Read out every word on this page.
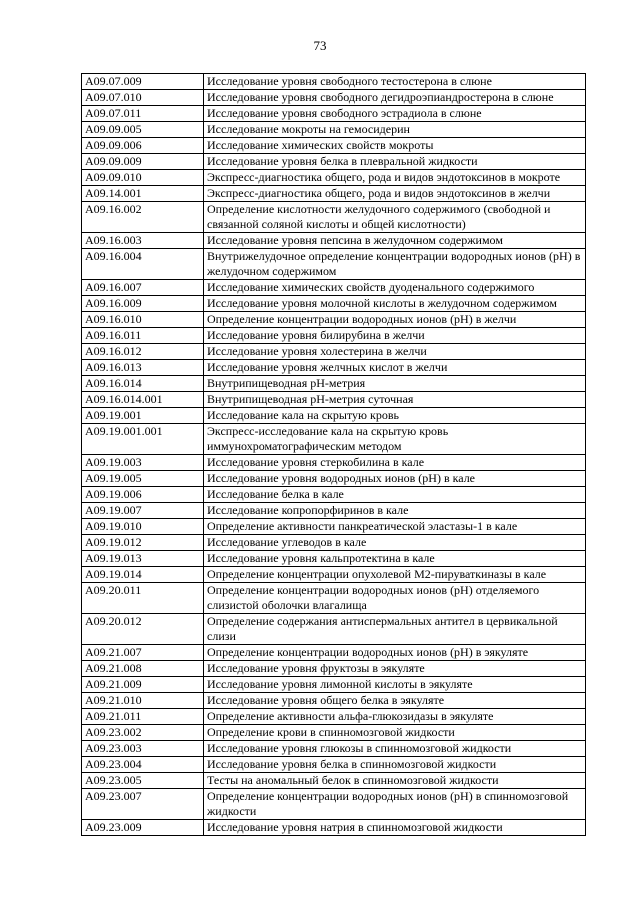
73
A09.07.009	Исследование уровня свободного тестостерона в слюне
A09.07.010	Исследование уровня свободного дегидроэпиандростерона в слюне
A09.07.011	Исследование уровня свободного эстрадиола в слюне
A09.09.005	Исследование мокроты на гемосидерин
A09.09.006	Исследование химических свойств мокроты
A09.09.009	Исследование уровня белка в плевральной жидкости
A09.09.010	Экспресс-диагностика общего, рода и видов эндотоксинов в мокроте
A09.14.001	Экспресс-диагностика общего, рода и видов эндотоксинов в желчи
A09.16.002	Определение кислотности желудочного содержимого (свободной и связанной соляной кислоты и общей кислотности)
A09.16.003	Исследование уровня пепсина в желудочном содержимом
A09.16.004	Внутрижелудочное определение концентрации водородных ионов (pH) в желудочном содержимом
A09.16.007	Исследование химических свойств дуоденального содержимого
A09.16.009	Исследование уровня молочной кислоты в желудочном содержимом
A09.16.010	Определение концентрации водородных ионов (pH) в желчи
A09.16.011	Исследование уровня билирубина в желчи
A09.16.012	Исследование уровня холестерина в желчи
A09.16.013	Исследование уровня желчных кислот в желчи
A09.16.014	Внутрипищеводная pH-метрия
A09.16.014.001	Внутрипищеводная pH-метрия суточная
A09.19.001	Исследование кала на скрытую кровь
A09.19.001.001	Экспресс-исследование кала на скрытую кровь иммунохроматографическим методом
A09.19.003	Исследование уровня стеркобилина в кале
A09.19.005	Исследование уровня водородных ионов (pH) в кале
A09.19.006	Исследование белка в кале
A09.19.007	Исследование копропорфиринов в кале
A09.19.010	Определение активности панкреатической эластазы-1 в кале
A09.19.012	Исследование углеводов в кале
A09.19.013	Исследование уровня кальпротектина в кале
A09.19.014	Определение концентрации опухолевой M2-пируваткиназы в кале
A09.20.011	Определение концентрации водородных ионов (pH) отделяемого слизистой оболочки влагалища
A09.20.012	Определение содержания антиспермальных антител в цервикальной слизи
A09.21.007	Определение концентрации водородных ионов (pH) в эякуляте
A09.21.008	Исследование уровня фруктозы в эякуляте
A09.21.009	Исследование уровня лимонной кислоты в эякуляте
A09.21.010	Исследование уровня общего белка в эякуляте
A09.21.011	Определение активности альфа-глюкозидазы в эякуляте
A09.23.002	Определение крови в спинномозговой жидкости
A09.23.003	Исследование уровня глюкозы в спинномозговой жидкости
A09.23.004	Исследование уровня белка в спинномозговой жидкости
A09.23.005	Тесты на аномальный белок в спинномозговой жидкости
A09.23.007	Определение концентрации водородных ионов (pH) в спинномозговой жидкости
A09.23.009	Исследование уровня натрия в спинномозговой жидкости
